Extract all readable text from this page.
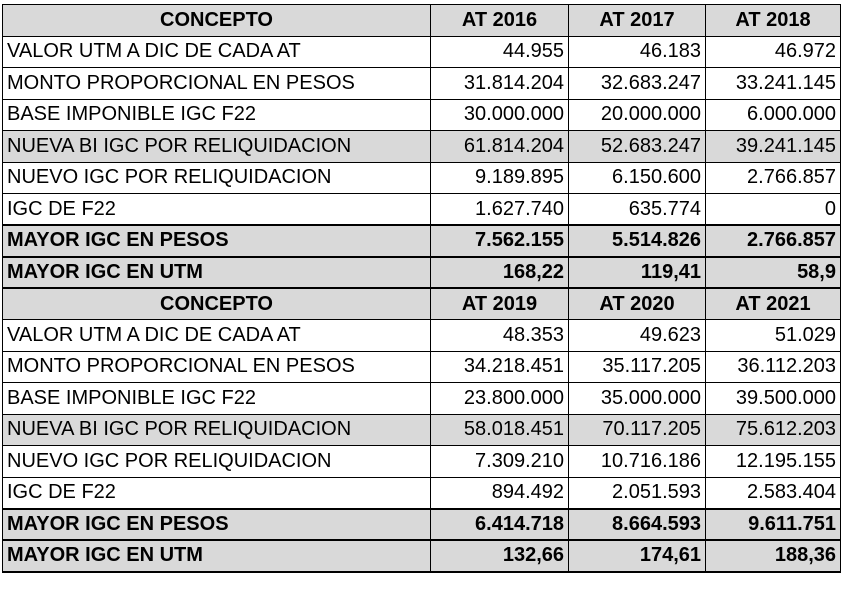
CONCEPTO	AT 2016	AT 2017	AT 2018
VALOR UTM A DIC DE CADA AT	44.955	46.183	46.972
MONTO PROPORCIONAL EN PESOS	31.814.204	32.683.247	33.241.145
BASE IMPONIBLE IGC F22	30.000.000	20.000.000	6.000.000
NUEVA BI IGC POR RELIQUIDACION	61.814.204	52.683.247	39.241.145
NUEVO IGC POR RELIQUIDACION	9.189.895	6.150.600	2.766.857
IGC DE F22	1.627.740	635.774	0
MAYOR IGC EN PESOS	7.562.155	5.514.826	2.766.857
MAYOR IGC EN UTM	168,22	119,41	58,9
CONCEPTO	AT 2019	AT 2020	AT 2021
VALOR UTM A DIC DE CADA AT	48.353	49.623	51.029
MONTO PROPORCIONAL EN PESOS	34.218.451	35.117.205	36.112.203
BASE IMPONIBLE IGC F22	23.800.000	35.000.000	39.500.000
NUEVA BI IGC POR RELIQUIDACION	58.018.451	70.117.205	75.612.203
NUEVO IGC POR RELIQUIDACION	7.309.210	10.716.186	12.195.155
IGC DE F22	894.492	2.051.593	2.583.404
MAYOR IGC EN PESOS	6.414.718	8.664.593	9.611.751
MAYOR IGC EN UTM	132,66	174,61	188,36
